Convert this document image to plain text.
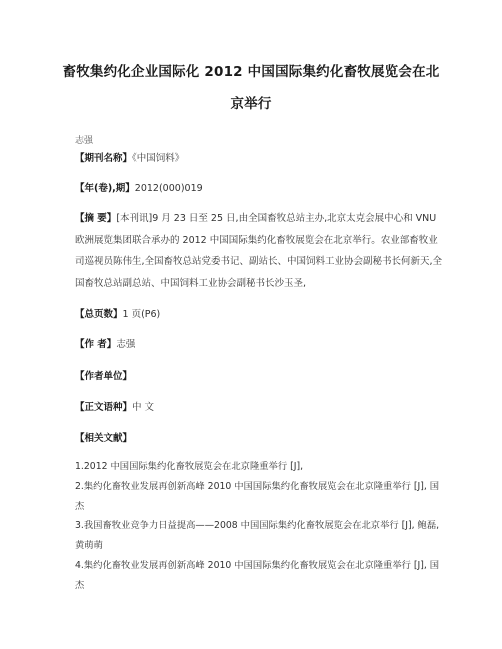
畜牧集约化企业国际化 2012 中国国际集约化畜牧展览会在北
京举行
志强
【期刊名称】《中国饲料》
【年(卷),期】2012(000)019
【摘 要】[本刊讯]9 月 23 日至 25 日,由全国畜牧总站主办,北京太克会展中心和 VNU 欧洲展览集团联合承办的 2012 中国国际集约化畜牧展览会在北京举行。农业部畜牧业司巡视员陈伟生,全国畜牧总站党委书记、副站长、中国饲料工业协会副秘书长何新天,全国畜牧总站副总站、中国饲料工业协会副秘书长沙玉圣,
【总页数】1 页(P6)
【作 者】志强
【作者单位】
【正文语种】中 文
【相关文献】
1.2012 中国国际集约化畜牧展览会在北京隆重举行 [J],
2.集约化畜牧业发展再创新高峰 2010 中国国际集约化畜牧展览会在北京隆重举行 [J], 国杰
3.我国畜牧业竞争力日益提高——2008 中国国际集约化畜牧展览会在北京举行 [J], 鲍磊,黄萌萌
4.集约化畜牧业发展再创新高峰 2010 中国国际集约化畜牧展览会在北京隆重举行 [J], 国杰
